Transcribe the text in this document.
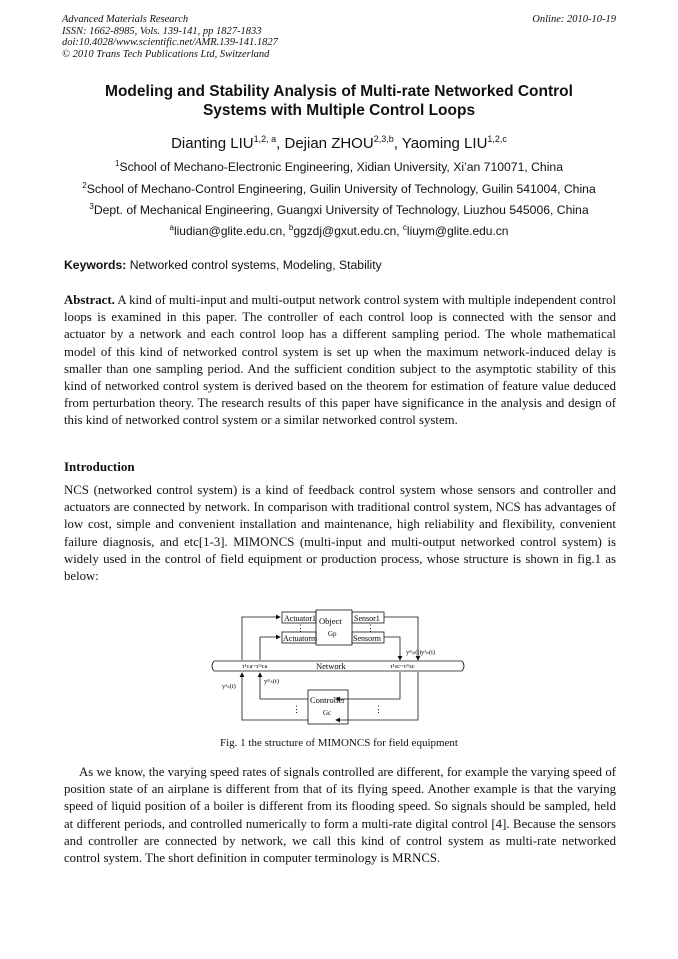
Advanced Materials Research
ISSN: 1662-8985, Vols. 139-141, pp 1827-1833
doi:10.4028/www.scientific.net/AMR.139-141.1827
© 2010 Trans Tech Publications Ltd, Switzerland
Online: 2010-10-19
Modeling and Stability Analysis of Multi-rate Networked Control
Systems with Multiple Control Loops
Dianting LIU$^{1,2, a}$, Dejian ZHOU$^{2,3,b}$, Yaoming LIU$^{1,2,c}$
$^1$School of Mechano-Electronic Engineering, Xidian University, Xi’an 710071, China
$^2$School of Mechano-Control Engineering, Guilin University of Technology, Guilin 541004, China
$^3$Dept. of Mechanical Engineering, Guangxi University of Technology, Liuzhou 545006, China
$^a$liudian@glite.edu.cn, $^b$ggzdj@gxut.edu.cn, $^c$liuym@glite.edu.cn
Keywords: Networked control systems, Modeling, Stability
Abstract. A kind of multi-input and multi-output network control system with multiple independent control loops is examined in this paper. The controller of each control loop is connected with the sensor and actuator by a network and each control loop has a different sampling period. The whole mathematical model of this kind of networked control system is set up when the maximum network-induced delay is smaller than one sampling period. And the sufficient condition subject to the asymptotic stability of this kind of networked control system is derived based on the theorem for estimation of feature value deduced from perturbation theory. The research results of this paper have significance in the analysis and design of this kind of networked control system or a similar networked control system.
Introduction
NCS (networked control system) is a kind of feedback control system whose sensors and controller and actuators are connected by network. In comparison with traditional control system, NCS has advantages of low cost, simple and convenient installation and maintenance, high reliability and flexibility, convenient failure diagnosis, and etc[1-3]. MIMONCS (multi-input and multi-output networked control system) is widely used in the control of field equipment or production process, whose structure is shown in fig.1 as below:
Actuator1
Actuatorm
⋮
Object
Gp
Sensor1
Sensorm
⋮
Network
τ¹ca~τᵐca	τ¹sc~τᵐsc
yᵐₚ(t) y¹ₚ(t)
y¹ₛ(t)
yᵐₛ(t)
⋮	⋮
Controller
Gc
Fig. 1 the structure of MIMONCS for field equipment
As we know, the varying speed rates of signals controlled are different, for example the varying speed of position state of an airplane is different from that of its flying speed. Another example is that the varying speed of liquid position of a boiler is different from its flooding speed. So signals should be sampled, held at different periods, and controlled numerically to form a multi-rate digital control [4]. Because the sensors and controller are connected by network, we call this kind of control system as multi-rate networked control system. The short definition in computer terminology is MRNCS.
